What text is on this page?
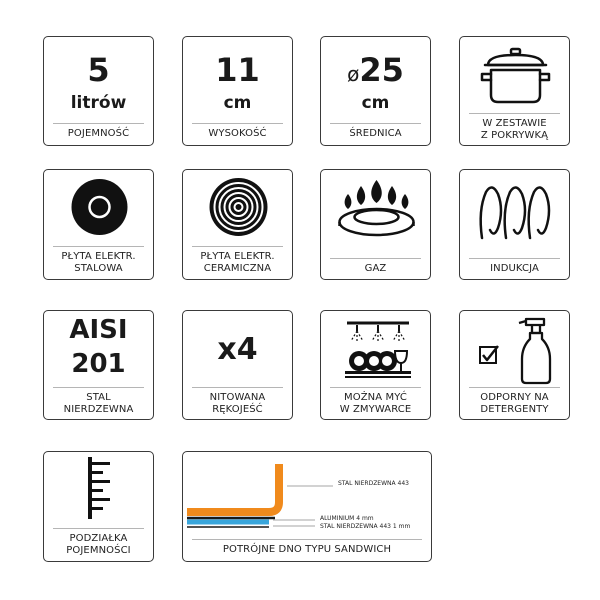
5
litrów
POJEMNOŚĆ
11
cm
WYSOKOŚĆ
ø25
cm
ŚREDNICA
W ZESTAWIE
Z POKRYWKĄ
PŁYTA ELEKTR.
STALOWA
PŁYTA ELEKTR.
CERAMICZNA	GAZ	INDUKCJA
AISI
201
STAL
NIERDZEWNA
x4
NITOWANA
RĘKOJEŚĆ
MOŻNA MYĆ
W ZMYWARCE
ODPORNY NA
DETERGENTY
PODZIAŁKA
POJEMNOŚCI
STAL NIERDZEWNA 443
ALUMINIUM 4 mm
STAL NIERDZEWNA 443 1 mm
POTRÓJNE DNO TYPU SANDWICH
